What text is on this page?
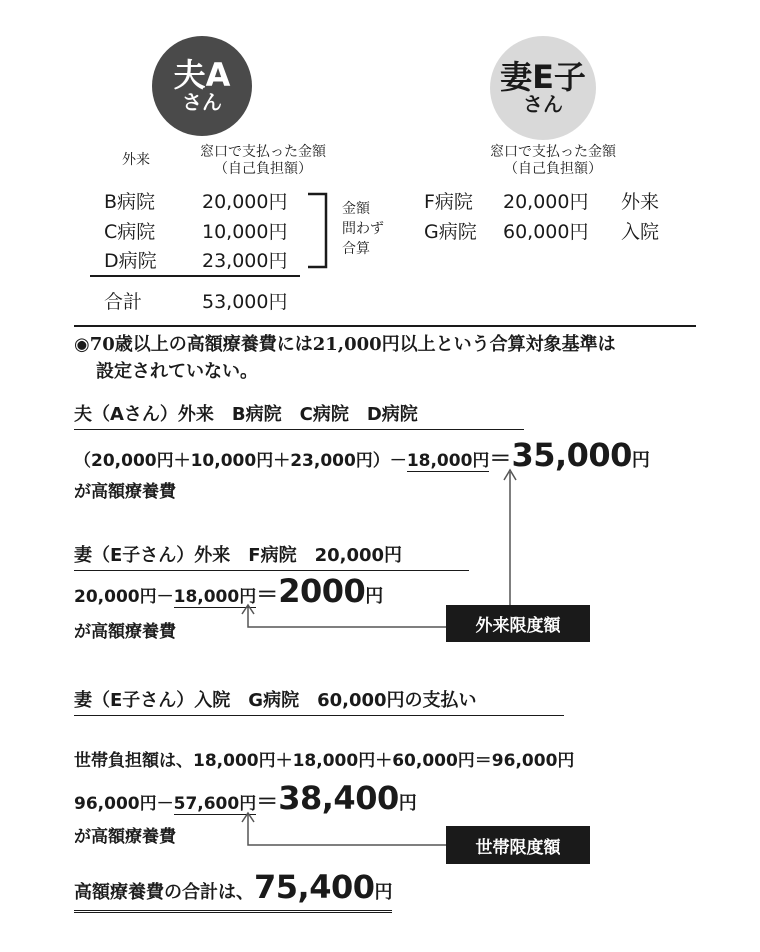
夫A
さん
妻E子
さん
外来	窓口で支払った金額
（自己負担額）
B病院 20,000円
C病院 10,000円
D病院 23,000円
合計	53,000円
金額
問わず
合算
窓口で支払った金額
（自己負担額）
F病院 20,000円 外来
G病院 60,000円 入院
◉70歳以上の高額療養費には21,000円以上という合算対象基準は
設定されていない。
夫（Aさん）外来　B病院　C病院　D病院
（20,000円＋10,000円＋23,000円）－ 18,000円 ＝ 35,000 円
が高額療養費
妻（E子さん）外来　F病院　20,000円
20,000円－ 18,000円 ＝ 2000 円
が高額療養費	外来限度額
妻（E子さん）入院　G病院　60,000円の支払い
世帯負担額は、18,000円＋18,000円＋60,000円＝96,000円
96,000円－ 57,600円 ＝ 38,400 円
が高額療養費
世帯限度額
高額療養費の合計は、 75,400 円
